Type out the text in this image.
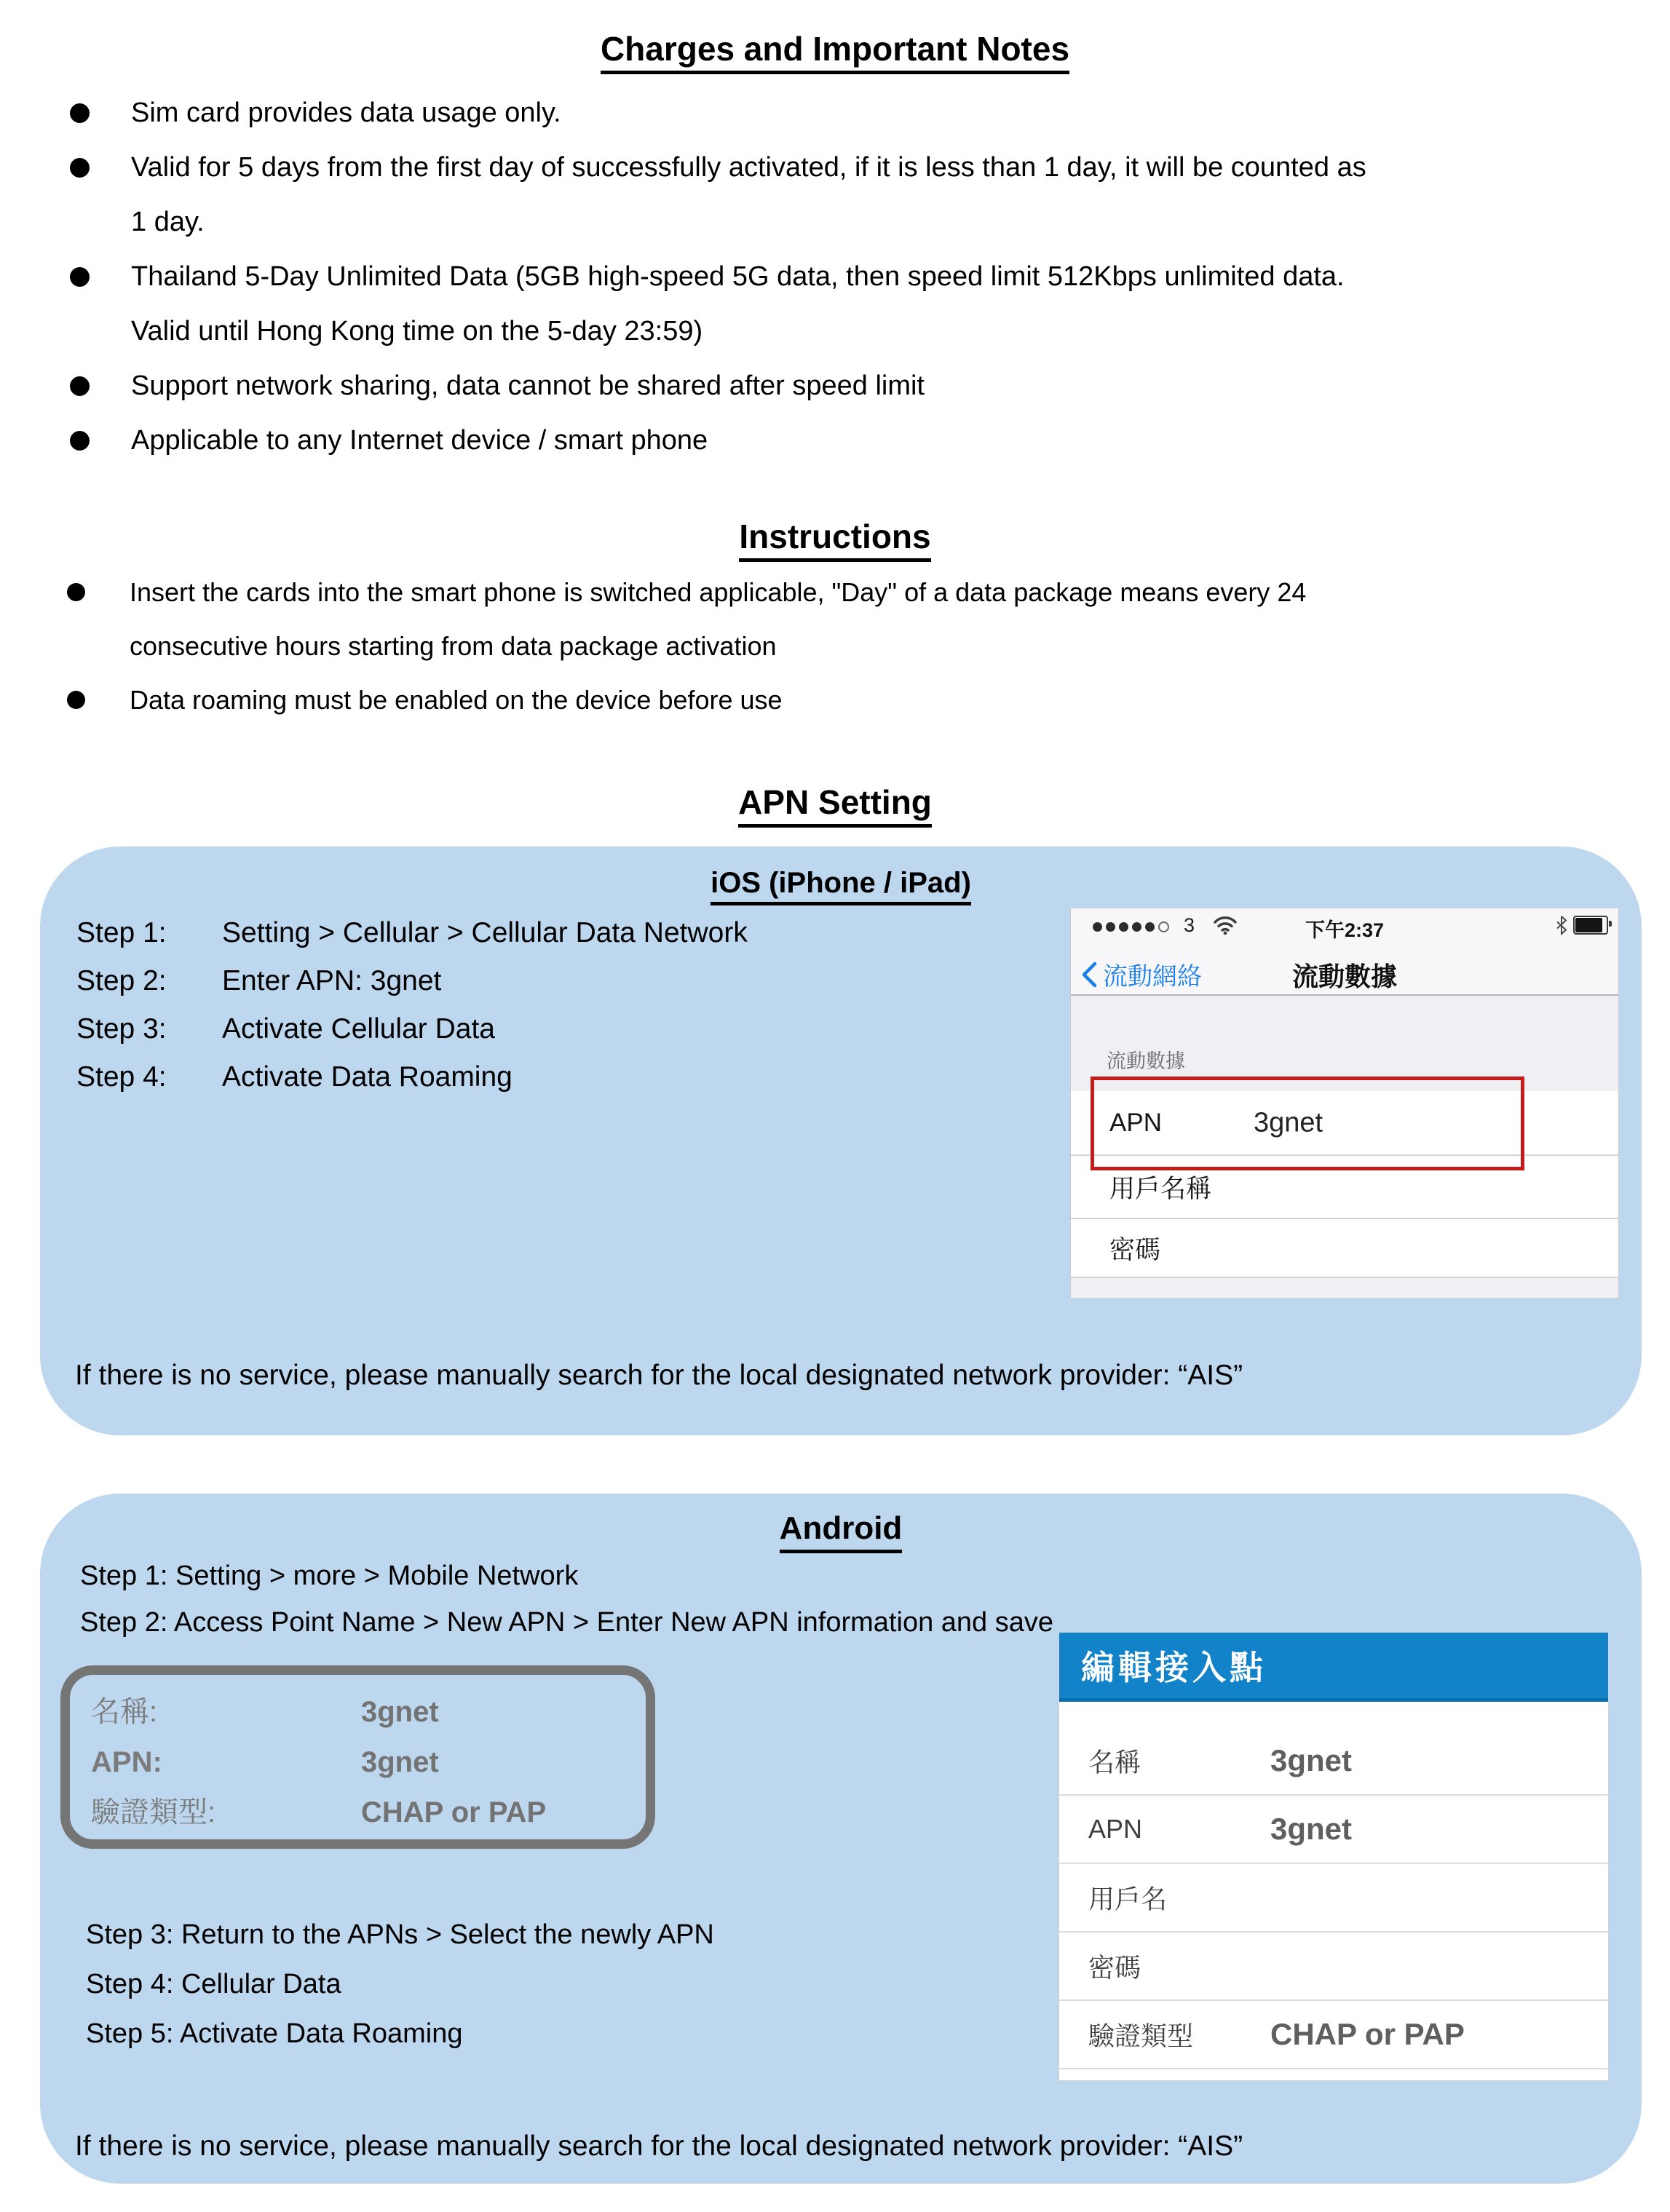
Charges and Important Notes
Sim card provides data usage only.
Valid for 5 days from the first day of successfully activated, if it is less than 1 day, it will be counted as
1 day.
Thailand 5-Day Unlimited Data (5GB high-speed 5G data, then speed limit 512Kbps unlimited data.
Valid until Hong Kong time on the 5-day 23:59)
Support network sharing, data cannot be shared after speed limit
Applicable to any Internet device / smart phone
Instructions
Insert the cards into the smart phone is switched applicable, "Day" of a data package means every 24
consecutive hours starting from data package activation
Data roaming must be enabled on the device before use
APN Setting
iOS (iPhone / iPad)
Step 1:	Setting > Cellular > Cellular Data Network
Step 2:	Enter APN: 3gnet
Step 3:	Activate Cellular Data
Step 4:	Activate Data Roaming
3	下午2:37
流動網絡	流動數據
流動數據
APN	3gnet
用戶名稱
密碼
If there is no service, please manually search for the local designated network provider: “AIS”
Android
Step 1: Setting > more > Mobile Network
Step 2: Access Point Name > New APN > Enter New APN information and save
名稱:	3gnet
APN:	3gnet
驗證類型:	CHAP or PAP
Step 3: Return to the APNs > Select the newly APN
Step 4: Cellular Data
Step 5: Activate Data Roaming
編輯接入點
名稱	3gnet
APN	3gnet
用戶名
密碼
驗證類型	CHAP or PAP
If there is no service, please manually search for the local designated network provider: “AIS”
